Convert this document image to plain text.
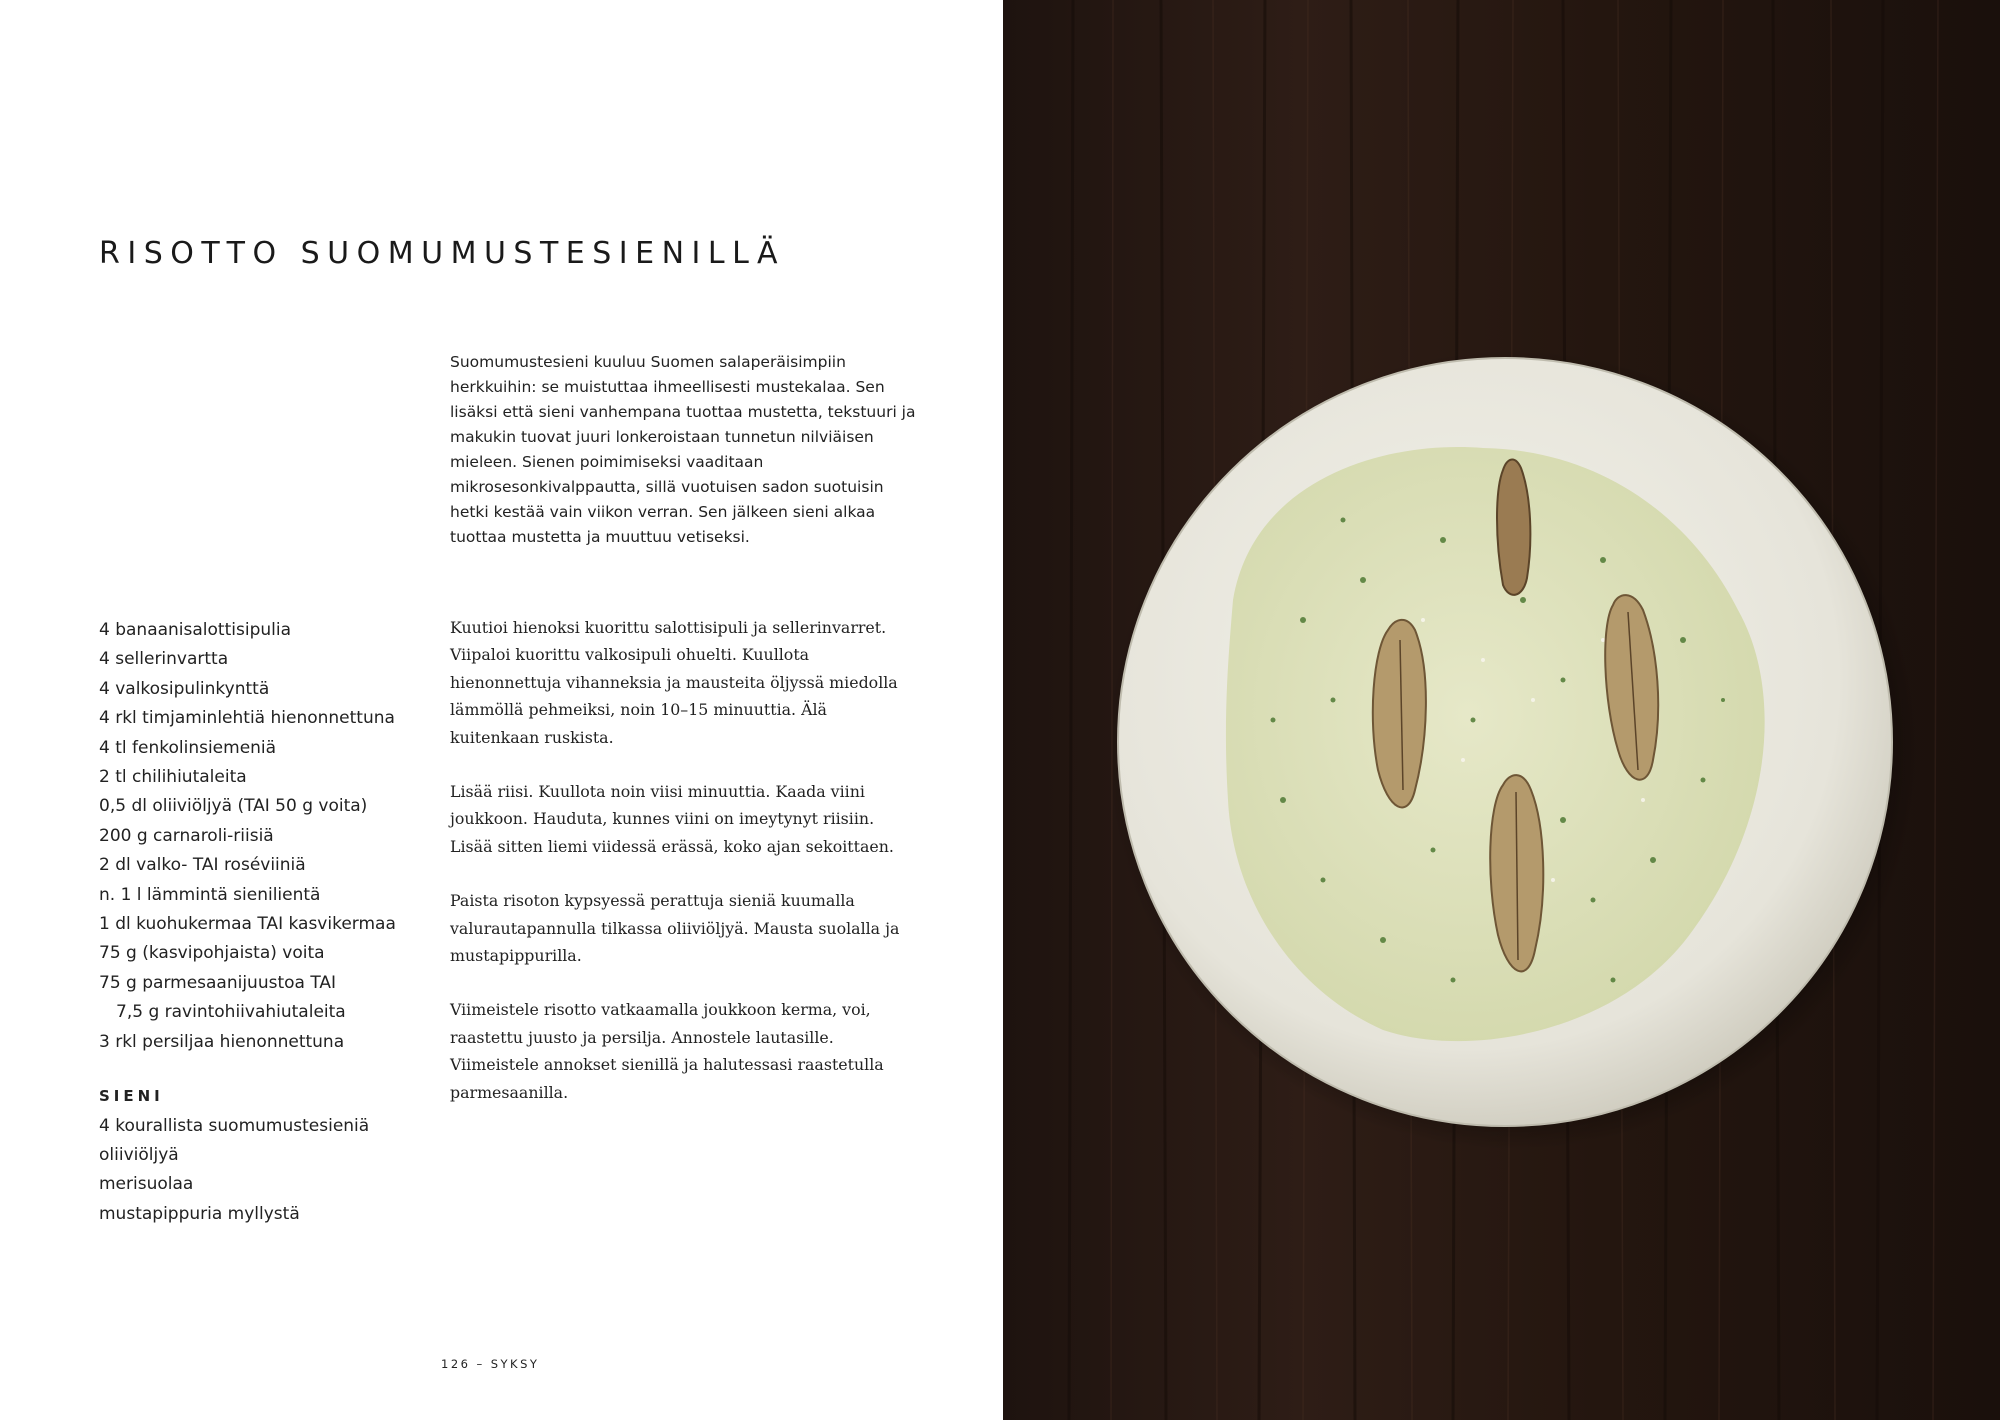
RISOTTO SUOMUMUSTESIENILLÄ

Suomumustesieni kuuluu Suomen salaperäisimpiin herkkuihin: se muistuttaa ihmeellisesti mustekalaa. Sen lisäksi että sieni vanhempana tuottaa mustetta, tekstuuri ja makukin tuovat juuri lonkeroistaan tunnetun nilviäisen mieleen. Sienen poimimiseksi vaaditaan mikrosesonkivalppautta, sillä vuotuisen sadon suotuisin hetki kestää vain viikon verran. Sen jälkeen sieni alkaa tuottaa mustetta ja muuttuu vetiseksi.

4 banaanisalottisipulia
4 sellerinvartta
4 valkosipulinkynttä
4 rkl timjaminlehtiä hienonnettuna
4 tl fenkolinsiemeniä
2 tl chilihiutaleita
0,5 dl oliiviöljyä (TAI 50 g voita)
200 g carnaroli-riisiä
2 dl valko- TAI roséviiniä
n. 1 l lämmintä sienilientä
1 dl kuohukermaa TAI kasvikermaa
75 g (kasvipohjaista) voita
75 g parmesaanijuustoa TAI
7,5 g ravintohiivahiutaleita
3 rkl persiljaa hienonnettuna
SIENI
4 kourallista suomumustesieniä
oliiviöljyä
merisuolaa
mustapippuria myllystä

Kuutioi hienoksi kuorittu salottisipuli ja sellerinvarret. Viipaloi kuorittu valkosipuli ohuelti. Kuullota hienonnettuja vihanneksia ja mausteita öljyssä miedolla lämmöllä pehmeiksi, noin 10–15 minuuttia. Älä kuitenkaan ruskista.

Lisää riisi. Kuullota noin viisi minuuttia. Kaada viini joukkoon. Hauduta, kunnes viini on imeytynyt riisiin. Lisää sitten liemi viidessä erässä, koko ajan sekoittaen.

Paista risoton kypsyessä perattuja sieniä kuumalla valurautapannulla tilkassa oliiviöljyä. Mausta suolalla ja mustapippurilla.

Viimeistele risotto vatkaamalla joukkoon kerma, voi, raastettu juusto ja persilja. Annostele lautasille. Viimeistele annokset sienillä ja halutessasi raastetulla parmesaanilla.

126 – SYKSY
